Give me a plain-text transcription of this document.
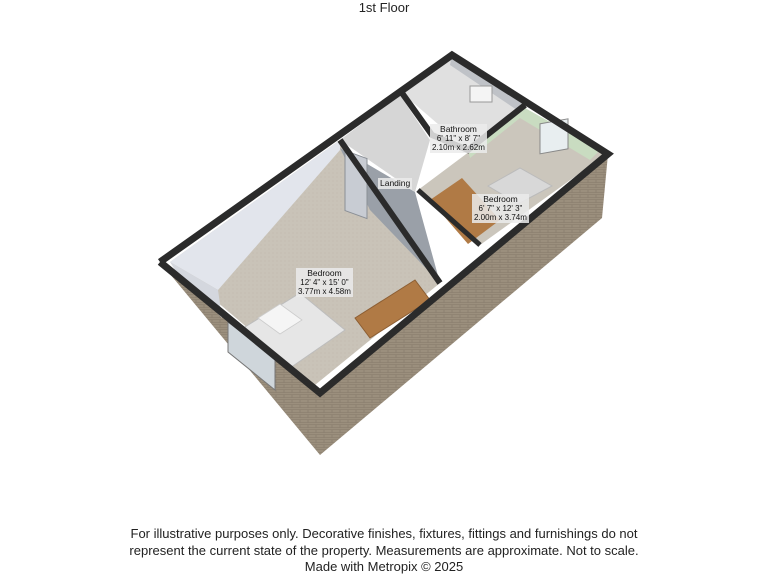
1st Floor
Bedroom
12' 4" x 15' 0"
3.77m x 4.58m
Bathroom
6' 11" x 8' 7"
2.10m x 2.62m
Bedroom
6' 7" x 12' 3"
2.00m x 3.74m
Landing
For illustrative purposes only. Decorative finishes, fixtures, fittings and furnishings do not
represent the current state of the property. Measurements are approximate. Not to scale.
Made with Metropix © 2025
